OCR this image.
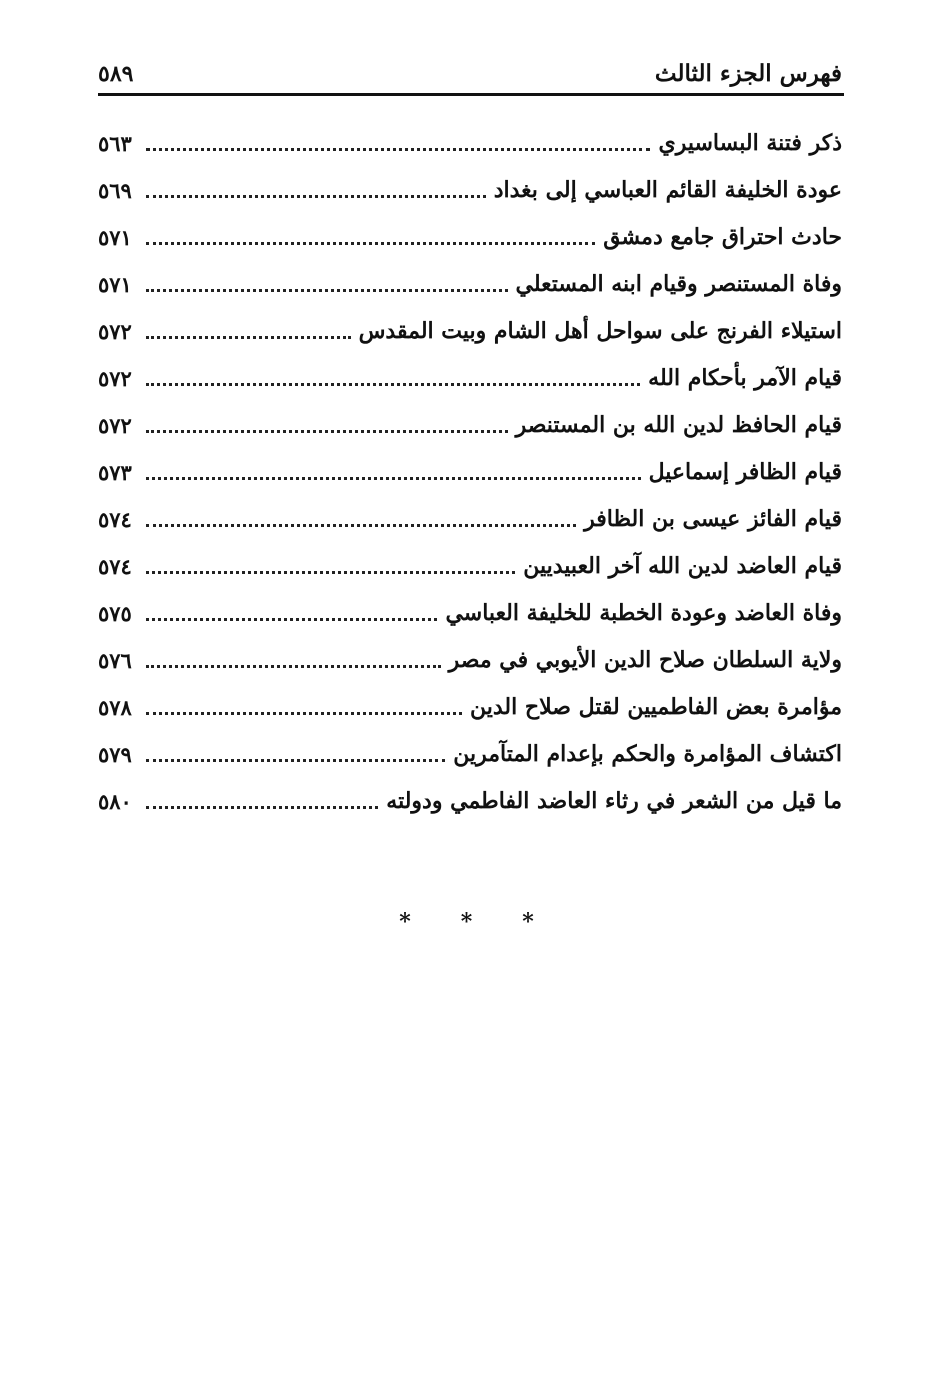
فهرس الجزء الثالث
٥٨٩
ذكر فتنة البساسيري
٥٦٣
عودة الخليفة القائم العباسي إلى بغداد
٥٦٩
حادث احتراق جامع دمشق
٥٧١
وفاة المستنصر وقيام ابنه المستعلي
٥٧١
استيلاء الفرنج على سواحل أهل الشام وبيت المقدس
٥٧٢
قيام الآمر بأحكام الله
٥٧٢
قيام الحافظ لدين الله بن المستنصر
٥٧٢
قيام الظافر إسماعيل
٥٧٣
قيام الفائز عيسى بن الظافر
٥٧٤
قيام العاضد لدين الله آخر العبيديين
٥٧٤
وفاة العاضد وعودة الخطبة للخليفة العباسي
٥٧٥
ولاية السلطان صلاح الدين الأيوبي في مصر
٥٧٦
مؤامرة بعض الفاطميين لقتل صلاح الدين
٥٧٨
اكتشاف المؤامرة والحكم بإعدام المتآمرين
٥٧٩
ما قيل من الشعر في رثاء العاضد الفاطمي ودولته
٥٨٠
* * *
